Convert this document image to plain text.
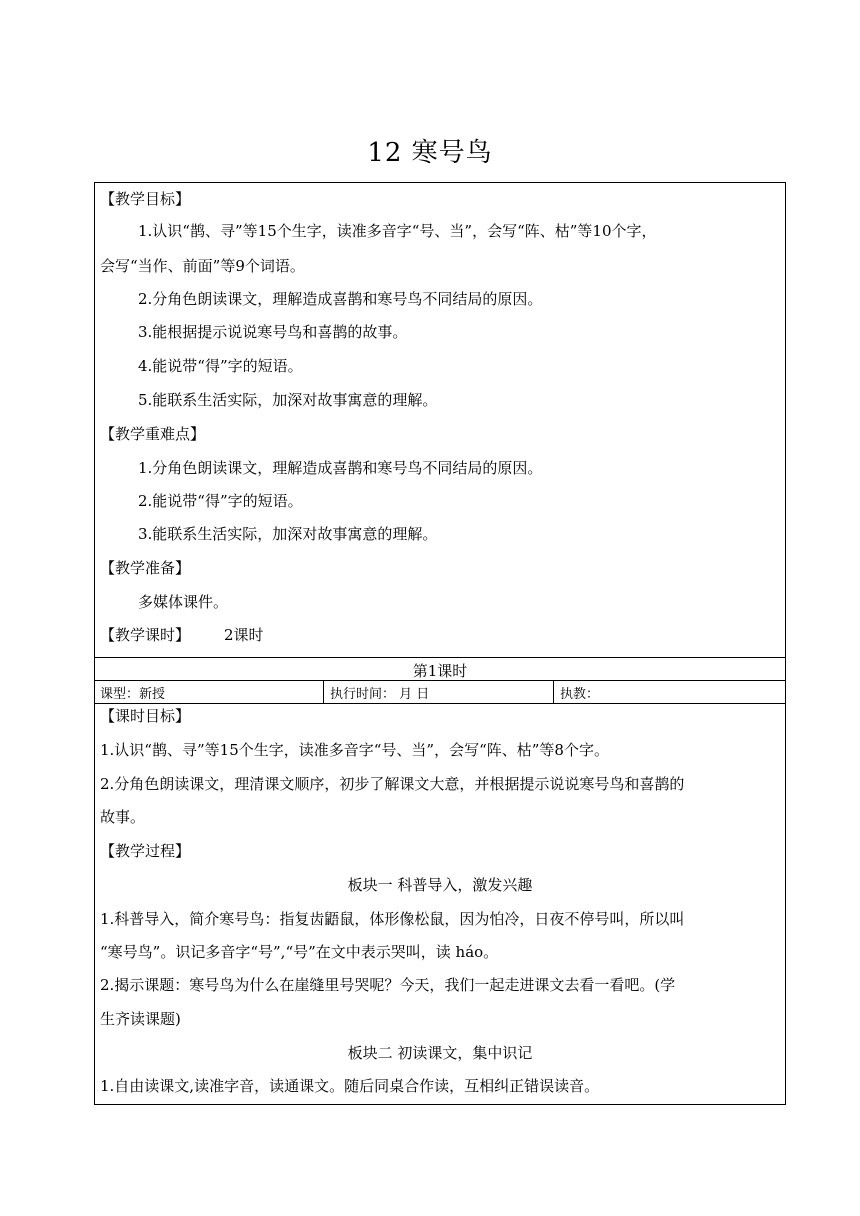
12 寒号鸟
【教学目标】
1.认识“鹊、寻”等15个生字，读准多音字“号、当”，会写“阵、枯”等10个字，
会写“当作、前面”等9个词语。
2.分角色朗读课文，理解造成喜鹊和寒号鸟不同结局的原因。
3.能根据提示说说寒号鸟和喜鹊的故事。
4.能说带“得”字的短语。
5.能联系生活实际，加深对故事寓意的理解。
【教学重难点】
1.分角色朗读课文，理解造成喜鹊和寒号鸟不同结局的原因。
2.能说带“得”字的短语。
3.能联系生活实际，加深对故事寓意的理解。
【教学准备】
多媒体课件。
【教学课时】 2课时
第1课时
课型：新授	执行时间： 月 日	执教：
【课时目标】
1.认识“鹊、寻”等15个生字，读准多音字“号、当”，会写“阵、枯”等8个字。
2.分角色朗读课文，理清课文顺序，初步了解课文大意，并根据提示说说寒号鸟和喜鹊的
故事。
【教学过程】
板块一 科普导入，激发兴趣
1.科普导入，简介寒号鸟：指复齿鼯鼠，体形像松鼠，因为怕冷，日夜不停号叫，所以叫
“寒号鸟”。识记多音字“号”,“号”在文中表示哭叫，读 háo。
2.揭示课题：寒号鸟为什么在崖缝里号哭呢？今天，我们一起走进课文去看一看吧。(学
生齐读课题)
板块二 初读课文，集中识记
1.自由读课文,读准字音，读通课文。随后同桌合作读，互相纠正错误读音。
